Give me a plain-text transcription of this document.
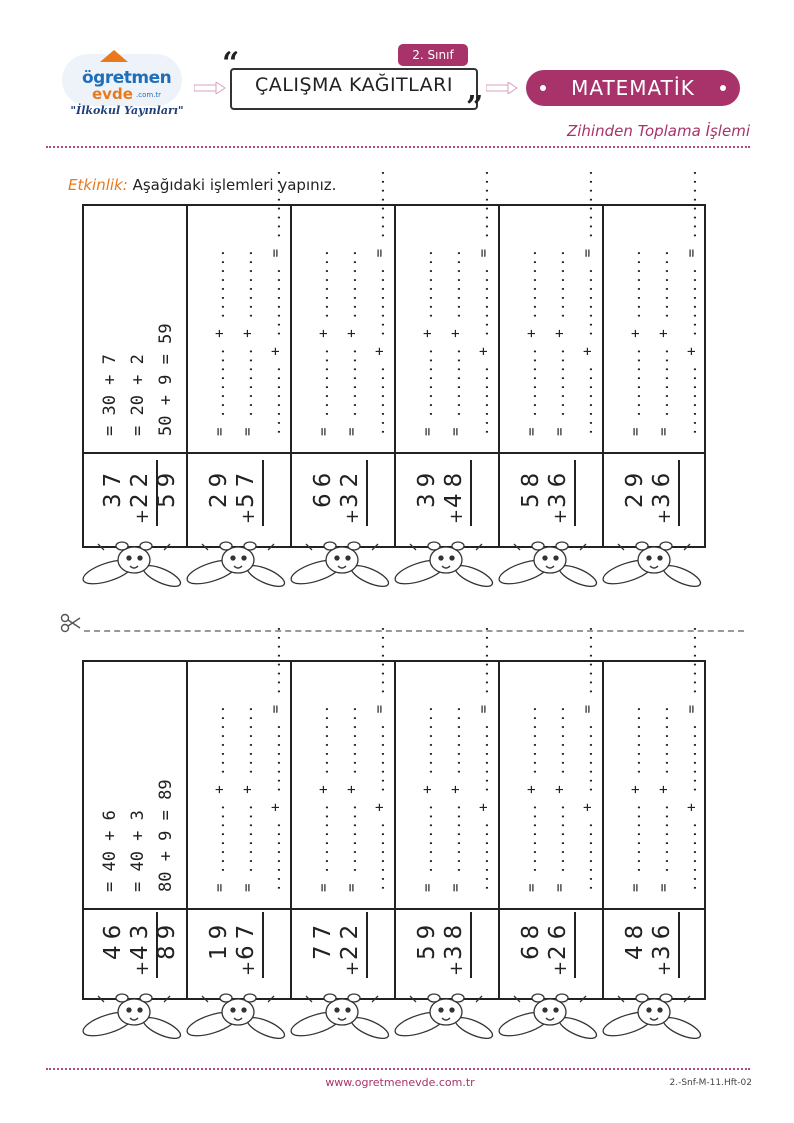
ögretmen
evde .com.tr
"İlkokul Yayınları"
“
ÇALIŞMA KAĞITLARI
”
2. Sınıf
MATEMATİK
Zihinden Toplama İşlemi
Etkinlik: Aşağıdaki işlemleri yapınız.
= 30 + 7 = 20 + 2 50 + 9 = 59
37 22
+
59
= ........ + ........ = ........ + ........ ........ + ........ = ........
29 57
+
= ........ + ........ = ........ + ........ ........ + ........ = ........
66 32
+
= ........ + ........ = ........ + ........ ........ + ........ = ........
39 48
+
= ........ + ........ = ........ + ........ ........ + ........ = ........
58 36
+
= ........ + ........ = ........ + ........ ........ + ........ = ........
29 36
+
= 40 + 6 = 40 + 3 80 + 9 = 89
46 43
+
89
= ........ + ........ = ........ + ........ ........ + ........ = ........
19 67
+
= ........ + ........ = ........ + ........ ........ + ........ = ........
77 22
+
= ........ + ........ = ........ + ........ ........ + ........ = ........
59 38
+
= ........ + ........ = ........ + ........ ........ + ........ = ........
68 26
+
= ........ + ........ = ........ + ........ ........ + ........ = ........
48 36
+
www.ogretmenevde.com.tr	2.-Snf-M-11.Hft-02
